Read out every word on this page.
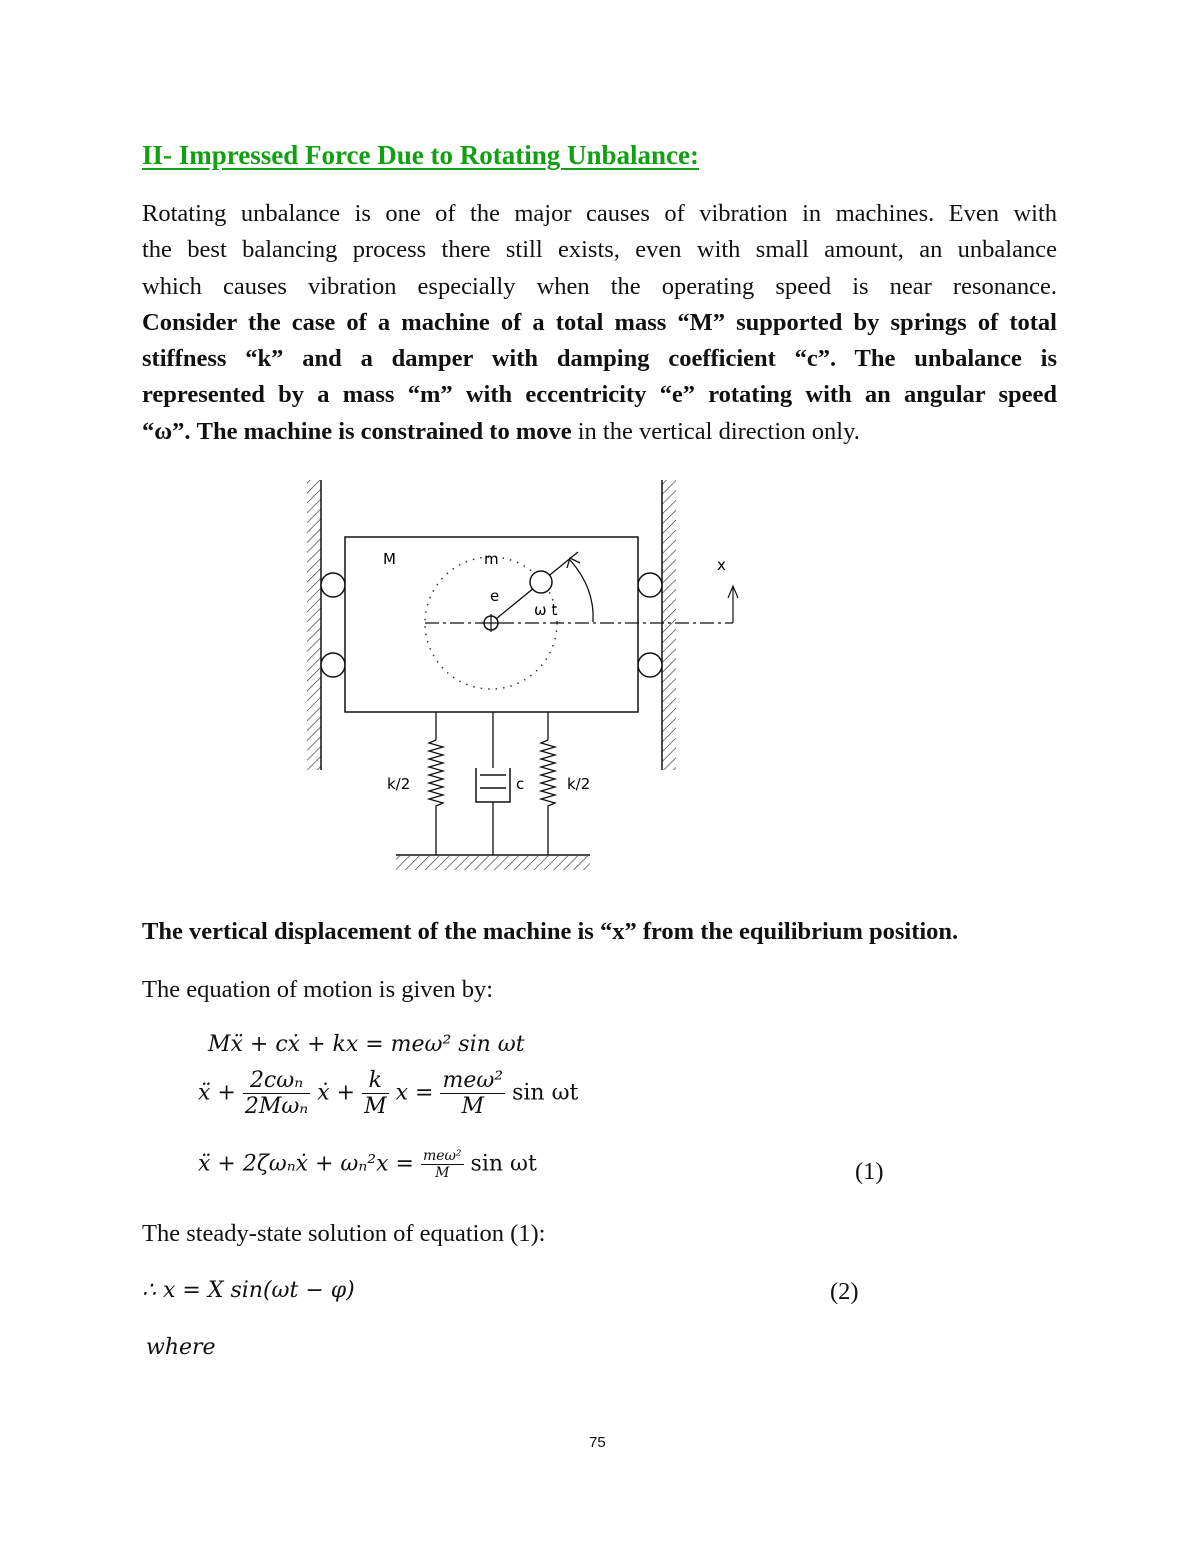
II- Impressed Force Due to Rotating Unbalance:
Rotating unbalance is one of the major causes of vibration in machines. Even with
the best balancing process there still exists, even with small amount, an unbalance
which causes vibration especially when the operating speed is near resonance.
Consider the case of a machine of a total mass “M” supported by springs of total
stiffness “k” and a damper with damping coefficient “c”. The unbalance is
represented by a mass “m” with eccentricity “e” rotating with an angular speed
“ω”. The machine is constrained to move in the vertical direction only.
M	m
e
ω t
x
k/2	c	k/2
The vertical displacement of the machine is “x” from the equilibrium position.
The equation of motion is given by:
Mẍ + cẋ + kx = meω² sin ωt
ẍ + $\frac{\text{2cωₙ}}{\text{2Mωₙ}}$ ẋ + $\frac{k}{M}$ $x = \frac{\text{meω²}}{M}$ sin ωt
ẍ + 2ζωₙẋ + $\omega_n^2x = \frac{\text{meω²}}{M}$ sin ωt	(1)
The steady-state solution of equation (1):
∴ x = X sin(ωt − φ)	(2)
where
75
